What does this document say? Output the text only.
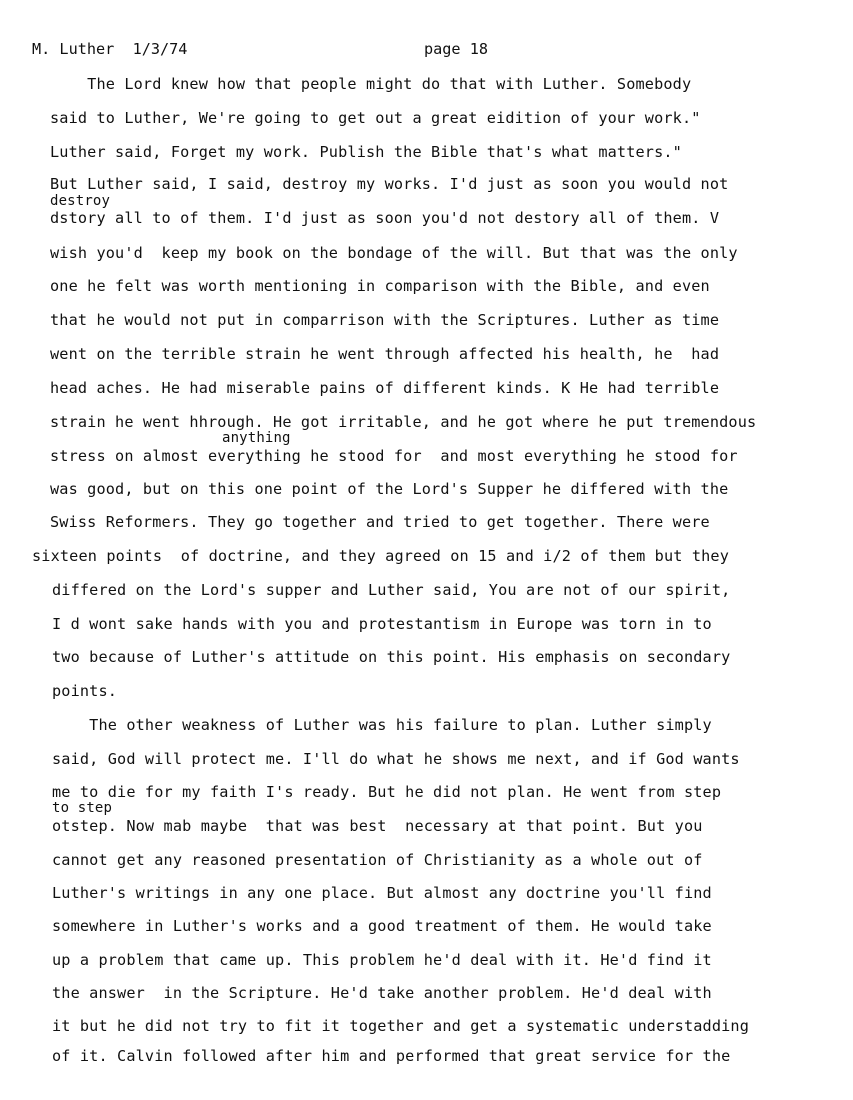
M. Luther  1/3/74	page 18
The Lord knew how that people might do that with Luther. Somebody
said to Luther, We're going to get out a great eidition of your work."
Luther said, Forget my work. Publish the Bible that's what matters."
But Luther said, I said, destroy my works. I'd just as soon you would not
destroy
dstory all to of them. I'd just as soon you'd not destory all of them. V
wish you'd  keep my book on the bondage of the will. But that was the only
one he felt was worth mentioning in comparison with the Bible, and even
that he would not put in comparrison with the Scriptures. Luther as time
went on the terrible strain he went through affected his health, he  had
head aches. He had miserable pains of different kinds. K He had terrible
strain he went hhrough. He got irritable, and he got where he put tremendous
anything
stress on almost everything he stood for  and most everything he stood for
was good, but on this one point of the Lord's Supper he differed with the
Swiss Reformers. They go together and tried to get together. There were
sixteen points  of doctrine, and they agreed on 15 and i/2 of them but they
differed on the Lord's supper and Luther said, You are not of our spirit,
I d wont sake hands with you and protestantism in Europe was torn in to
two because of Luther's attitude on this point. His emphasis on secondary
points.
The other weakness of Luther was his failure to plan. Luther simply
said, God will protect me. I'll do what he shows me next, and if God wants
me to die for my faith I's ready. But he did not plan. He went from step
to step
otstep. Now mab maybe  that was best  necessary at that point. But you
cannot get any reasoned presentation of Christianity as a whole out of
Luther's writings in any one place. But almost any doctrine you'll find
somewhere in Luther's works and a good treatment of them. He would take
up a problem that came up. This problem he'd deal with it. He'd find it
the answer  in the Scripture. He'd take another problem. He'd deal with
it but he did not try to fit it together and get a systematic understadding
of it. Calvin followed after him and performed that great service for the
